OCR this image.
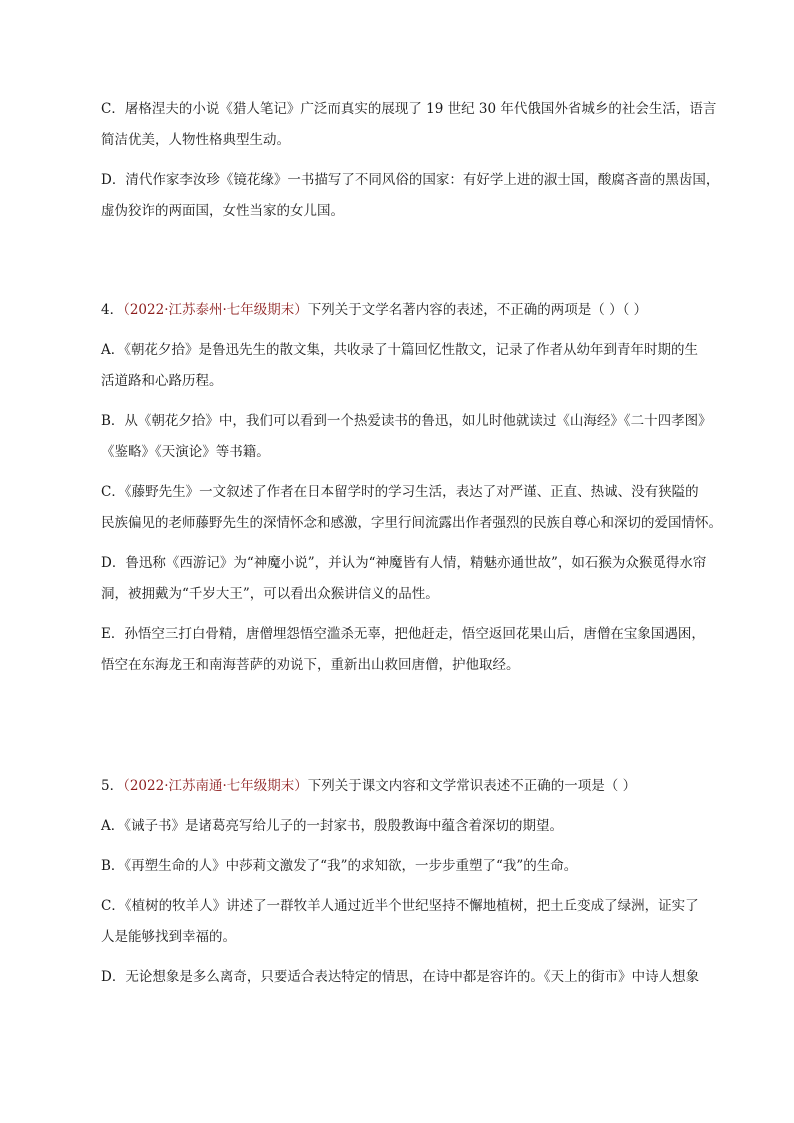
C．屠格涅夫的小说《猎人笔记》广泛而真实的展现了 19 世纪 30 年代俄国外省城乡的社会生活，语言

简洁优美，人物性格典型生动。

D．清代作家李汝珍《镜花缘》一书描写了不同风俗的国家：有好学上进的淑士国，酸腐吝啬的黑齿国，

虚伪狡诈的两面国，女性当家的女儿国。

4．（2022·江苏泰州·七年级期末）下列关于文学名著内容的表述，不正确的两项是（ ）（ ）

A．《朝花夕拾》是鲁迅先生的散文集，共收录了十篇回忆性散文，记录了作者从幼年到青年时期的生

活道路和心路历程。

B．从《朝花夕拾》中，我们可以看到一个热爱读书的鲁迅，如儿时他就读过《山海经》《二十四孝图》

《鉴略》《天演论》等书籍。

C．《藤野先生》一文叙述了作者在日本留学时的学习生活，表达了对严谨、正直、热诚、没有狭隘的

民族偏见的老师藤野先生的深情怀念和感激，字里行间流露出作者强烈的民族自尊心和深切的爱国情怀。

D．鲁迅称《西游记》为“神魔小说”，并认为“神魔皆有人情，精魅亦通世故”，如石猴为众猴觅得水帘

洞，被拥戴为“千岁大王”，可以看出众猴讲信义的品性。

E．孙悟空三打白骨精，唐僧埋怨悟空滥杀无辜，把他赶走，悟空返回花果山后，唐僧在宝象国遇困，

悟空在东海龙王和南海菩萨的劝说下，重新出山救回唐僧，护他取经。

5．（2022·江苏南通·七年级期末）下列关于课文内容和文学常识表述不正确的一项是（ ）

A．《诫子书》是诸葛亮写给儿子的一封家书，殷殷教诲中蕴含着深切的期望。

B．《再塑生命的人》中莎莉文激发了“我”的求知欲，一步步重塑了“我”的生命。

C．《植树的牧羊人》讲述了一群牧羊人通过近半个世纪坚持不懈地植树，把土丘变成了绿洲，证实了

人是能够找到幸福的。

D．无论想象是多么离奇，只要适合表达特定的情思，在诗中都是容许的。《天上的街市》中诗人想象
